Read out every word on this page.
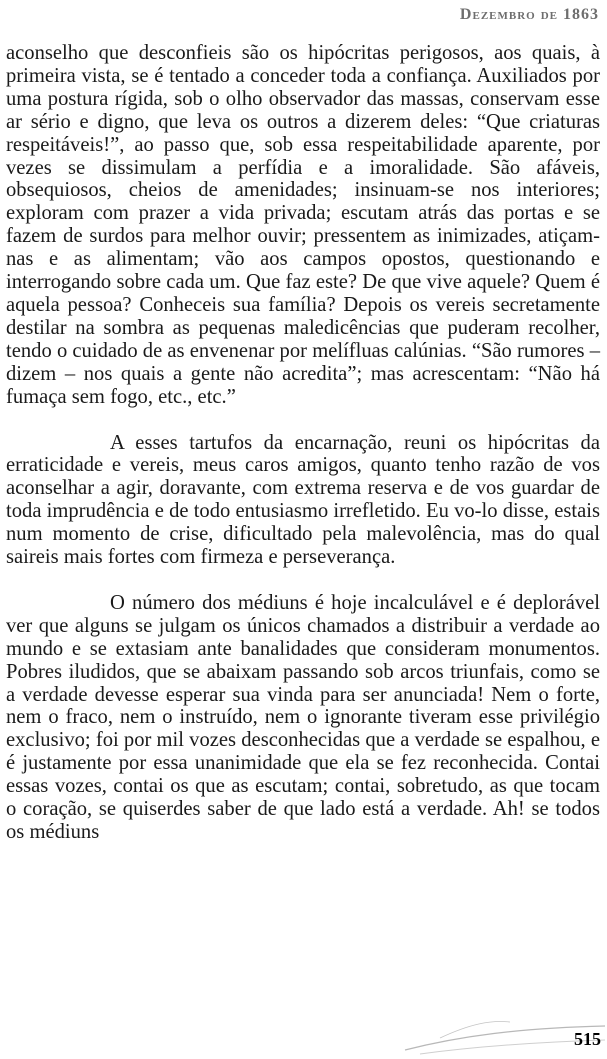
Dezembro de 1863

aconselho que desconfieis são os hipócritas perigosos, aos quais, à primeira vista, se é tentado a conceder toda a confiança. Auxiliados por uma postura rígida, sob o olho observador das massas, conservam esse ar sério e digno, que leva os outros a dizerem deles: “Que criaturas respeitáveis!”, ao passo que, sob essa respeitabilidade aparente, por vezes se dissimulam a perfídia e a imoralidade. São afáveis, obsequiosos, cheios de amenidades; insinuam-se nos interiores; exploram com prazer a vida privada; escutam atrás das portas e se fazem de surdos para melhor ouvir; pressentem as inimizades, atiçam-nas e as alimentam; vão aos campos opostos, questionando e interrogando sobre cada um. Que faz este? De que vive aquele? Quem é aquela pessoa? Conheceis sua família? Depois os vereis secretamente destilar na sombra as pequenas maledicências que puderam recolher, tendo o cuidado de as envenenar por melífluas calúnias. “São rumores – dizem – nos quais a gente não acredita”; mas acrescentam: “Não há fumaça sem fogo, etc., etc.”

A esses tartufos da encarnação, reuni os hipócritas da erraticidade e vereis, meus caros amigos, quanto tenho razão de vos aconselhar a agir, doravante, com extrema reserva e de vos guardar de toda imprudência e de todo entusiasmo irrefletido. Eu vo-lo disse, estais num momento de crise, dificultado pela malevolência, mas do qual saireis mais fortes com firmeza e perseverança.

O número dos médiuns é hoje incalculável e é deplorável ver que alguns se julgam os únicos chamados a distribuir a verdade ao mundo e se extasiam ante banalidades que consideram monumentos. Pobres iludidos, que se abaixam passando sob arcos triunfais, como se a verdade devesse esperar sua vinda para ser anunciada! Nem o forte, nem o fraco, nem o instruído, nem o ignorante tiveram esse privilégio exclusivo; foi por mil vozes desconhecidas que a verdade se espalhou, e é justamente por essa unanimidade que ela se fez reconhecida. Contai essas vozes, contai os que as escutam; contai, sobretudo, as que tocam o coração, se quiserdes saber de que lado está a verdade. Ah! se todos os médiuns

515
